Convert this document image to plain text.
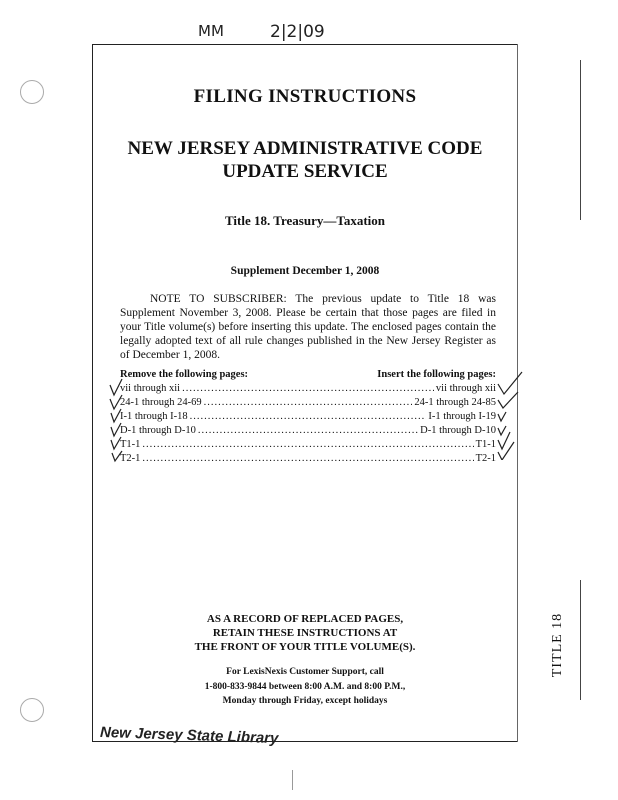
MM	2|2|09
FILING INSTRUCTIONS
NEW JERSEY ADMINISTRATIVE CODE
UPDATE SERVICE
Title 18. Treasury—Taxation
Supplement December 1, 2008
NOTE TO SUBSCRIBER: The previous update to Title 18 was Supplement November 3, 2008. Please be certain that those pages are filed in your Title volume(s) before inserting this update. The enclosed pages contain the legally adopted text of all rule changes published in the New Jersey Register as of December 1, 2008.
Remove the following pages:	Insert the following pages:
vii through xii .....	vii through xii
24-1 through 24-69 .....	24-1 through 24-85
I-1 through I-18 .....	I-1 through I-19
D-1 through D-10 .....	D-1 through D-10
T1-1 .....	T1-1
T2-1 .....	T2-1
AS A RECORD OF REPLACED PAGES,
RETAIN THESE INSTRUCTIONS AT
THE FRONT OF YOUR TITLE VOLUME(S).
For LexisNexis Customer Support, call
1-800-833-9844 between 8:00 A.M. and 8:00 P.M.,
Monday through Friday, except holidays
TITLE 18
New Jersey State Library
